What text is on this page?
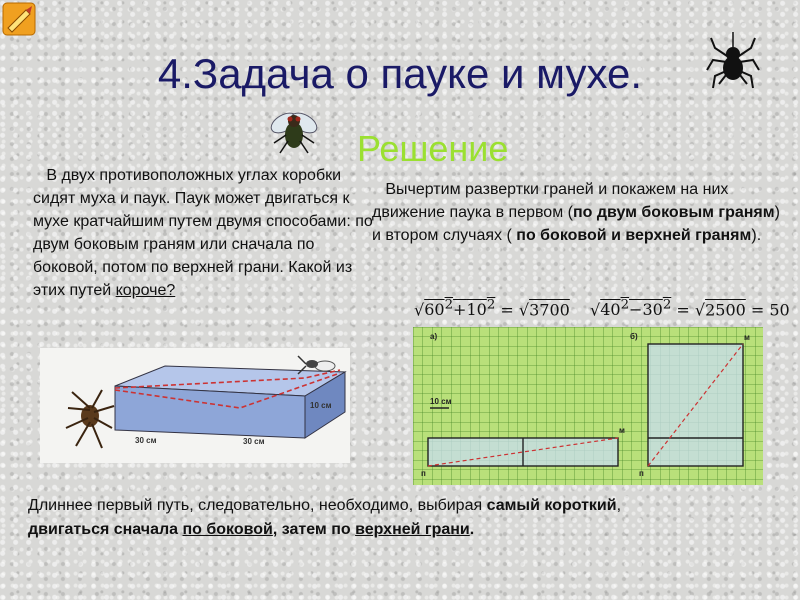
4.Задача о пауке и мухе.
Решение
В двух противоположных углах коробки сидят муха и паук. Паук может двигаться к мухе кратчайшим путем двумя способами: по двум боковым граням или сначала по боковой, потом по верхней грани. Какой из этих путей короче?
Вычертим развертки граней и покажем на них движение паука в первом (по двум боковым граням) и втором случаях ( по боковой и верхней граням).
$√60^2+10^2 = √3700$ $√40^2-30^2 = √2500 = 50$
10 см
30 см	30 см
а)	б)
10 см
м
п
м
п
Длиннее первый путь, следовательно, необходимо, выбирая самый короткий,
двигаться сначала по боковой, затем по верхней грани.
